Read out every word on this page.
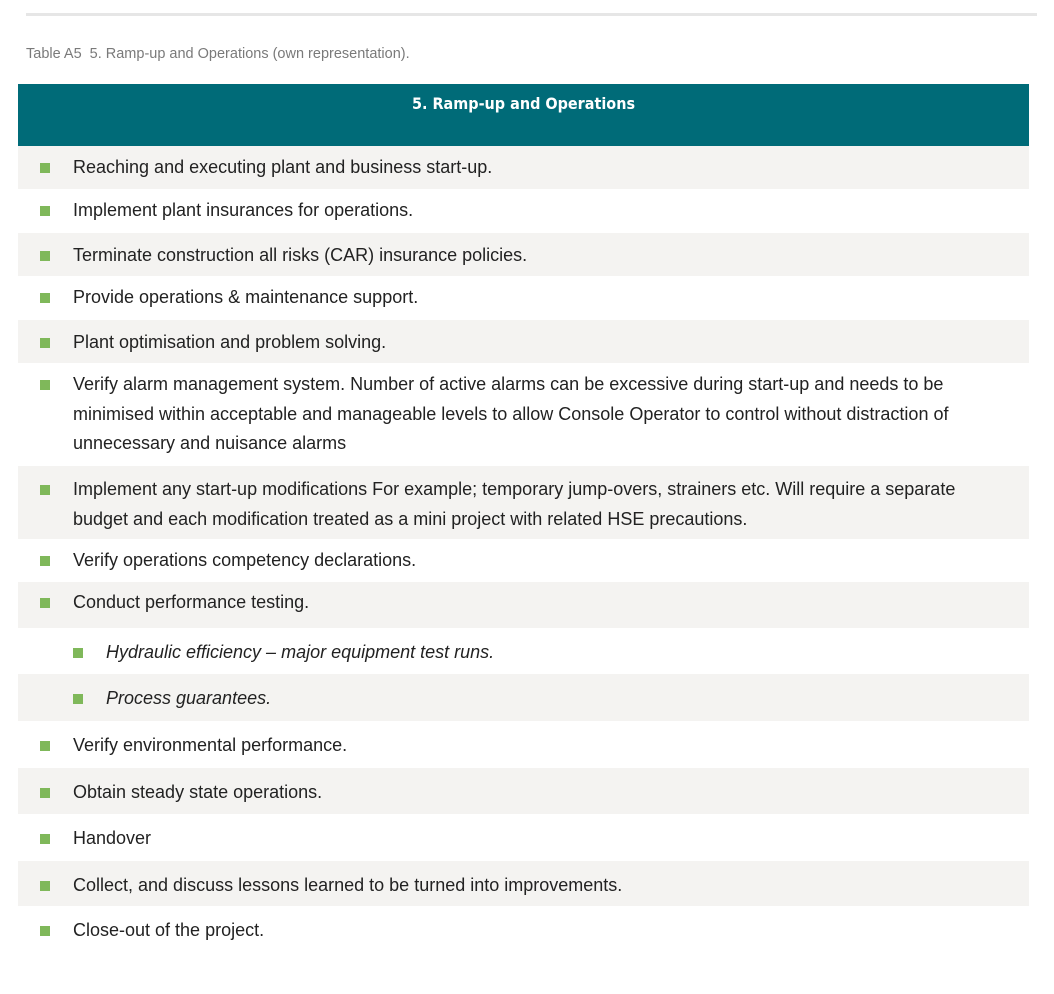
Table A5 5. Ramp-up and Operations (own representation).
5. Ramp-up and Operations
Reaching and executing plant and business start-up.
Implement plant insurances for operations.
Terminate construction all risks (CAR) insurance policies.
Provide operations & maintenance support.
Plant optimisation and problem solving.
Verify alarm management system. Number of active alarms can be excessive during start-up and needs to be minimised within acceptable and manageable levels to allow Console Operator to control without distraction of unnecessary and nuisance alarms
Implement any start-up modifications For example; temporary jump-overs, strainers etc. Will require a separate budget and each modification treated as a mini project with related HSE precautions.
Verify operations competency declarations.
Conduct performance testing.
Hydraulic efficiency – major equipment test runs.
Process guarantees.
Verify environmental performance.
Obtain steady state operations.
Handover
Collect, and discuss lessons learned to be turned into improvements.
Close-out of the project.
